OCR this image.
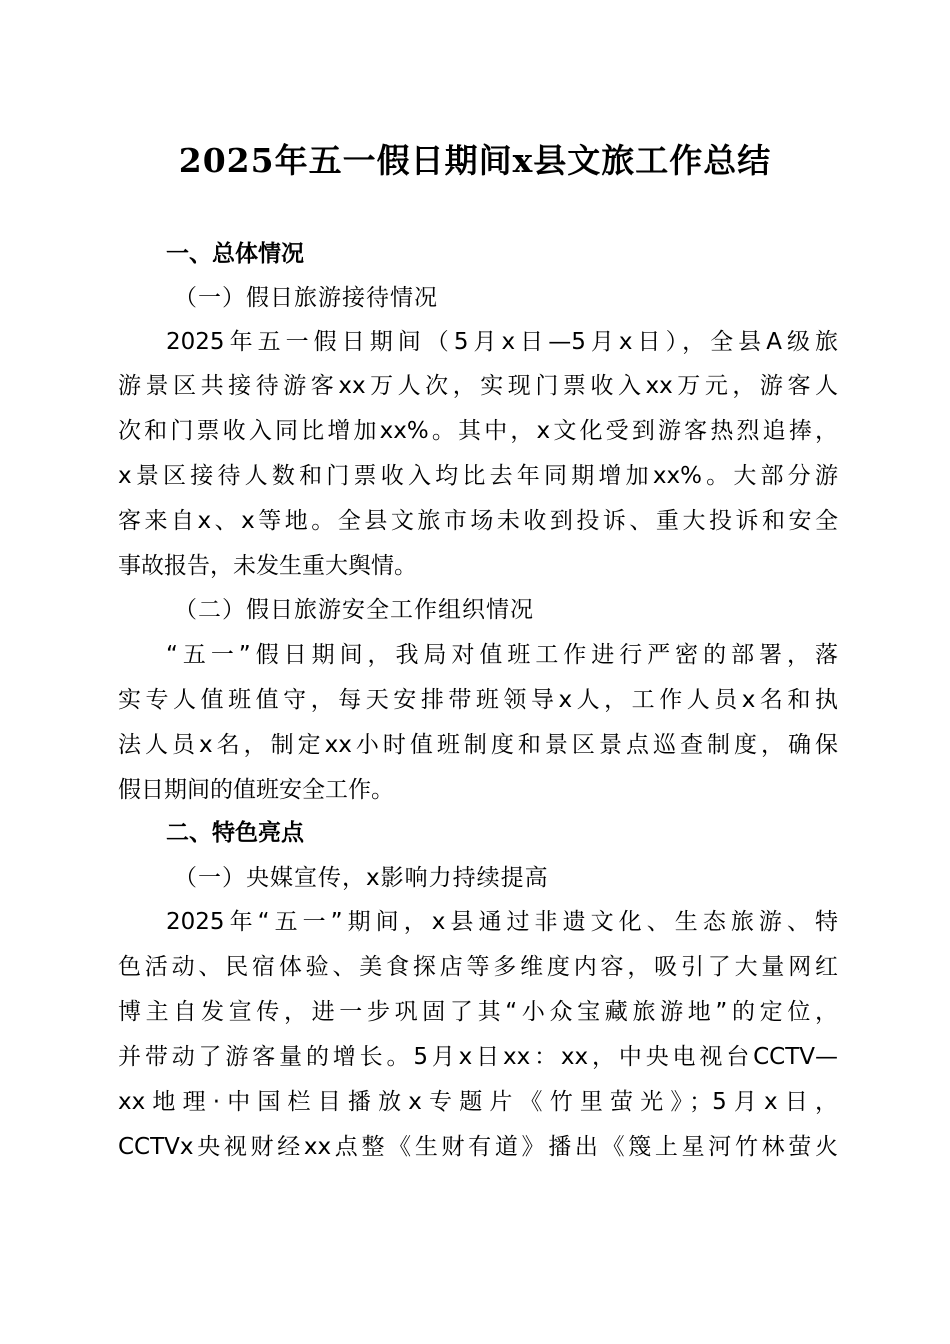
2025年五一假日期间x县文旅工作总结
一、总体情况
（一）假日旅游接待情况
2025年五一假日期间（5月x日—5月x日），全县A级旅
游景区共接待游客xx万人次，实现门票收入xx万元，游客人
次和门票收入同比增加xx%。其中，x文化受到游客热烈追捧，
x景区接待人数和门票收入均比去年同期增加xx%。大部分游
客来自x、x等地。全县文旅市场未收到投诉、重大投诉和安全
事故报告，未发生重大舆情。
（二）假日旅游安全工作组织情况
“五一”假日期间，我局对值班工作进行严密的部署，落
实专人值班值守，每天安排带班领导x人，工作人员x名和执
法人员x名，制定xx小时值班制度和景区景点巡查制度，确保
假日期间的值班安全工作。
二、特色亮点
（一）央媒宣传，x影响力持续提高
2025年“五一”期间，x县通过非遗文化、生态旅游、特
色活动、民宿体验、美食探店等多维度内容，吸引了大量网红
博主自发宣传，进一步巩固了其“小众宝藏旅游地”的定位，
并带动了游客量的增长。5月x日xx：xx，中央电视台CCTV—
xx地理·中国栏目播放x专题片《竹里萤光》；5月x日，
CCTVx央视财经xx点整《生财有道》播出《篾上星河竹林萤火
